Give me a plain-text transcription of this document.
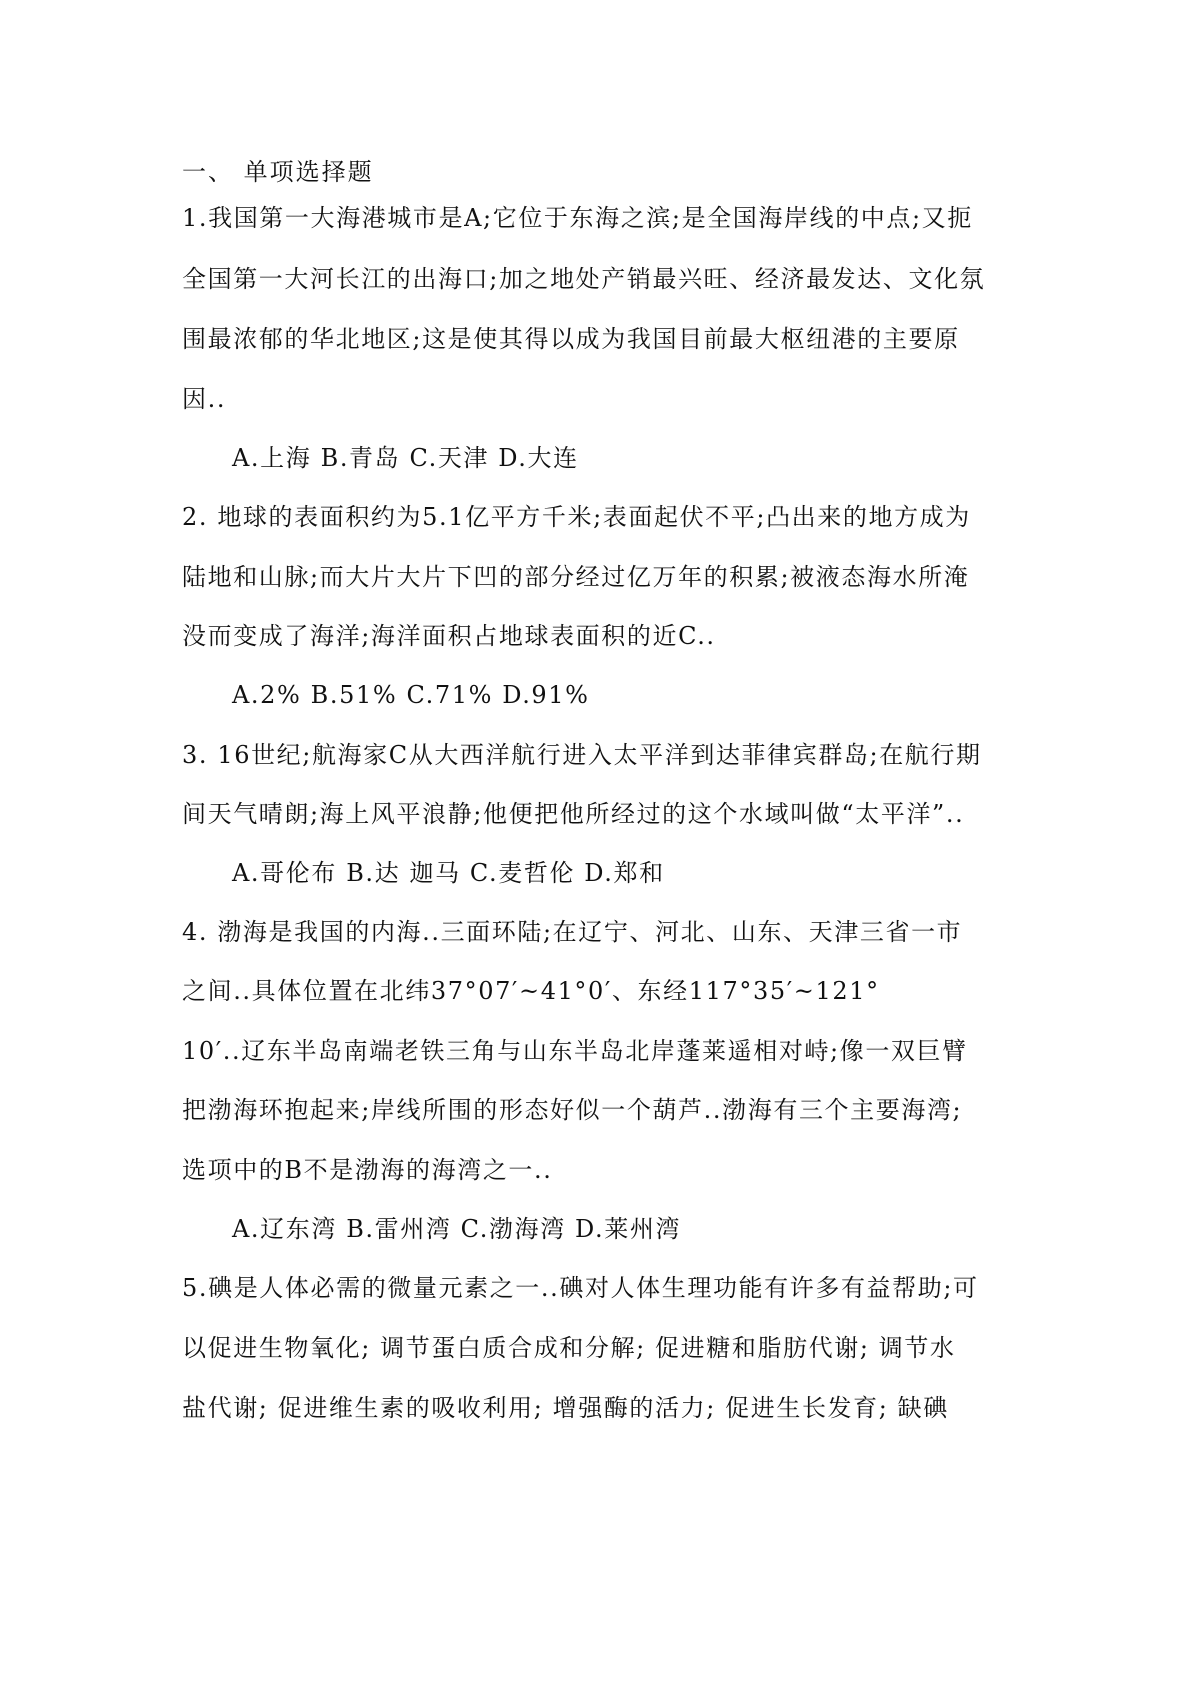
一、 单项选择题
1.我国第一大海港城市是A;它位于东海之滨;是全国海岸线的中点;又扼
全国第一大河长江的出海口;加之地处产销最兴旺、经济最发达、文化氛
围最浓郁的华北地区;这是使其得以成为我国目前最大枢纽港的主要原
因..
A.上海 B.青岛 C.天津 D.大连
2. 地球的表面积约为5.1亿平方千米;表面起伏不平;凸出来的地方成为
陆地和山脉;而大片大片下凹的部分经过亿万年的积累;被液态海水所淹
没而变成了海洋;海洋面积占地球表面积的近C..
A.2% B.51% C.71% D.91%
3. 16世纪;航海家C从大西洋航行进入太平洋到达菲律宾群岛;在航行期
间天气晴朗;海上风平浪静;他便把他所经过的这个水域叫做“太平洋”..
A.哥伦布 B.达 迦马 C.麦哲伦 D.郑和
4. 渤海是我国的内海..三面环陆;在辽宁、河北、山东、天津三省一市
之间..具体位置在北纬37°07′~41°0′、东经117°35′~121°
10′..辽东半岛南端老铁三角与山东半岛北岸蓬莱遥相对峙;像一双巨臂
把渤海环抱起来;岸线所围的形态好似一个葫芦..渤海有三个主要海湾;
选项中的B不是渤海的海湾之一..
A.辽东湾 B.雷州湾 C.渤海湾 D.莱州湾
5.碘是人体必需的微量元素之一..碘对人体生理功能有许多有益帮助;可
以促进生物氧化; 调节蛋白质合成和分解; 促进糖和脂肪代谢; 调节水
盐代谢; 促进维生素的吸收利用; 增强酶的活力; 促进生长发育; 缺碘
